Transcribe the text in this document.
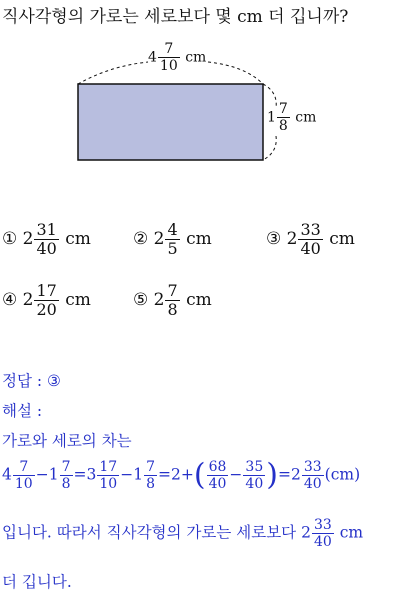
직사각형의 가로는 세로보다 몇 cm 더 깁니까?
$4 \frac{7}{10}$ cm
$1 \frac{7}{8}$ cm
① $2 \frac{31}{40}$ cm ② $2 \frac{4}{5}$ cm	③ $2 \frac{33}{40}$ cm
④ $2 \frac{17}{20}$ cm ⑤ $2 \frac{7}{8}$ cm
정답 : ③
해설 :
가로와 세로의 차는
$4 \frac{7}{10} -1 \frac{7}{8} =3 \frac{17}{10} -1 \frac{7}{8} =2+( \frac{68}{40} - \frac{35}{40} )=2 \frac{33}{40} (cm)$
입니다. 따라서 직사각형의 가로는 세로보다 $2 \frac{33}{40}$ cm
더 깁니다.
